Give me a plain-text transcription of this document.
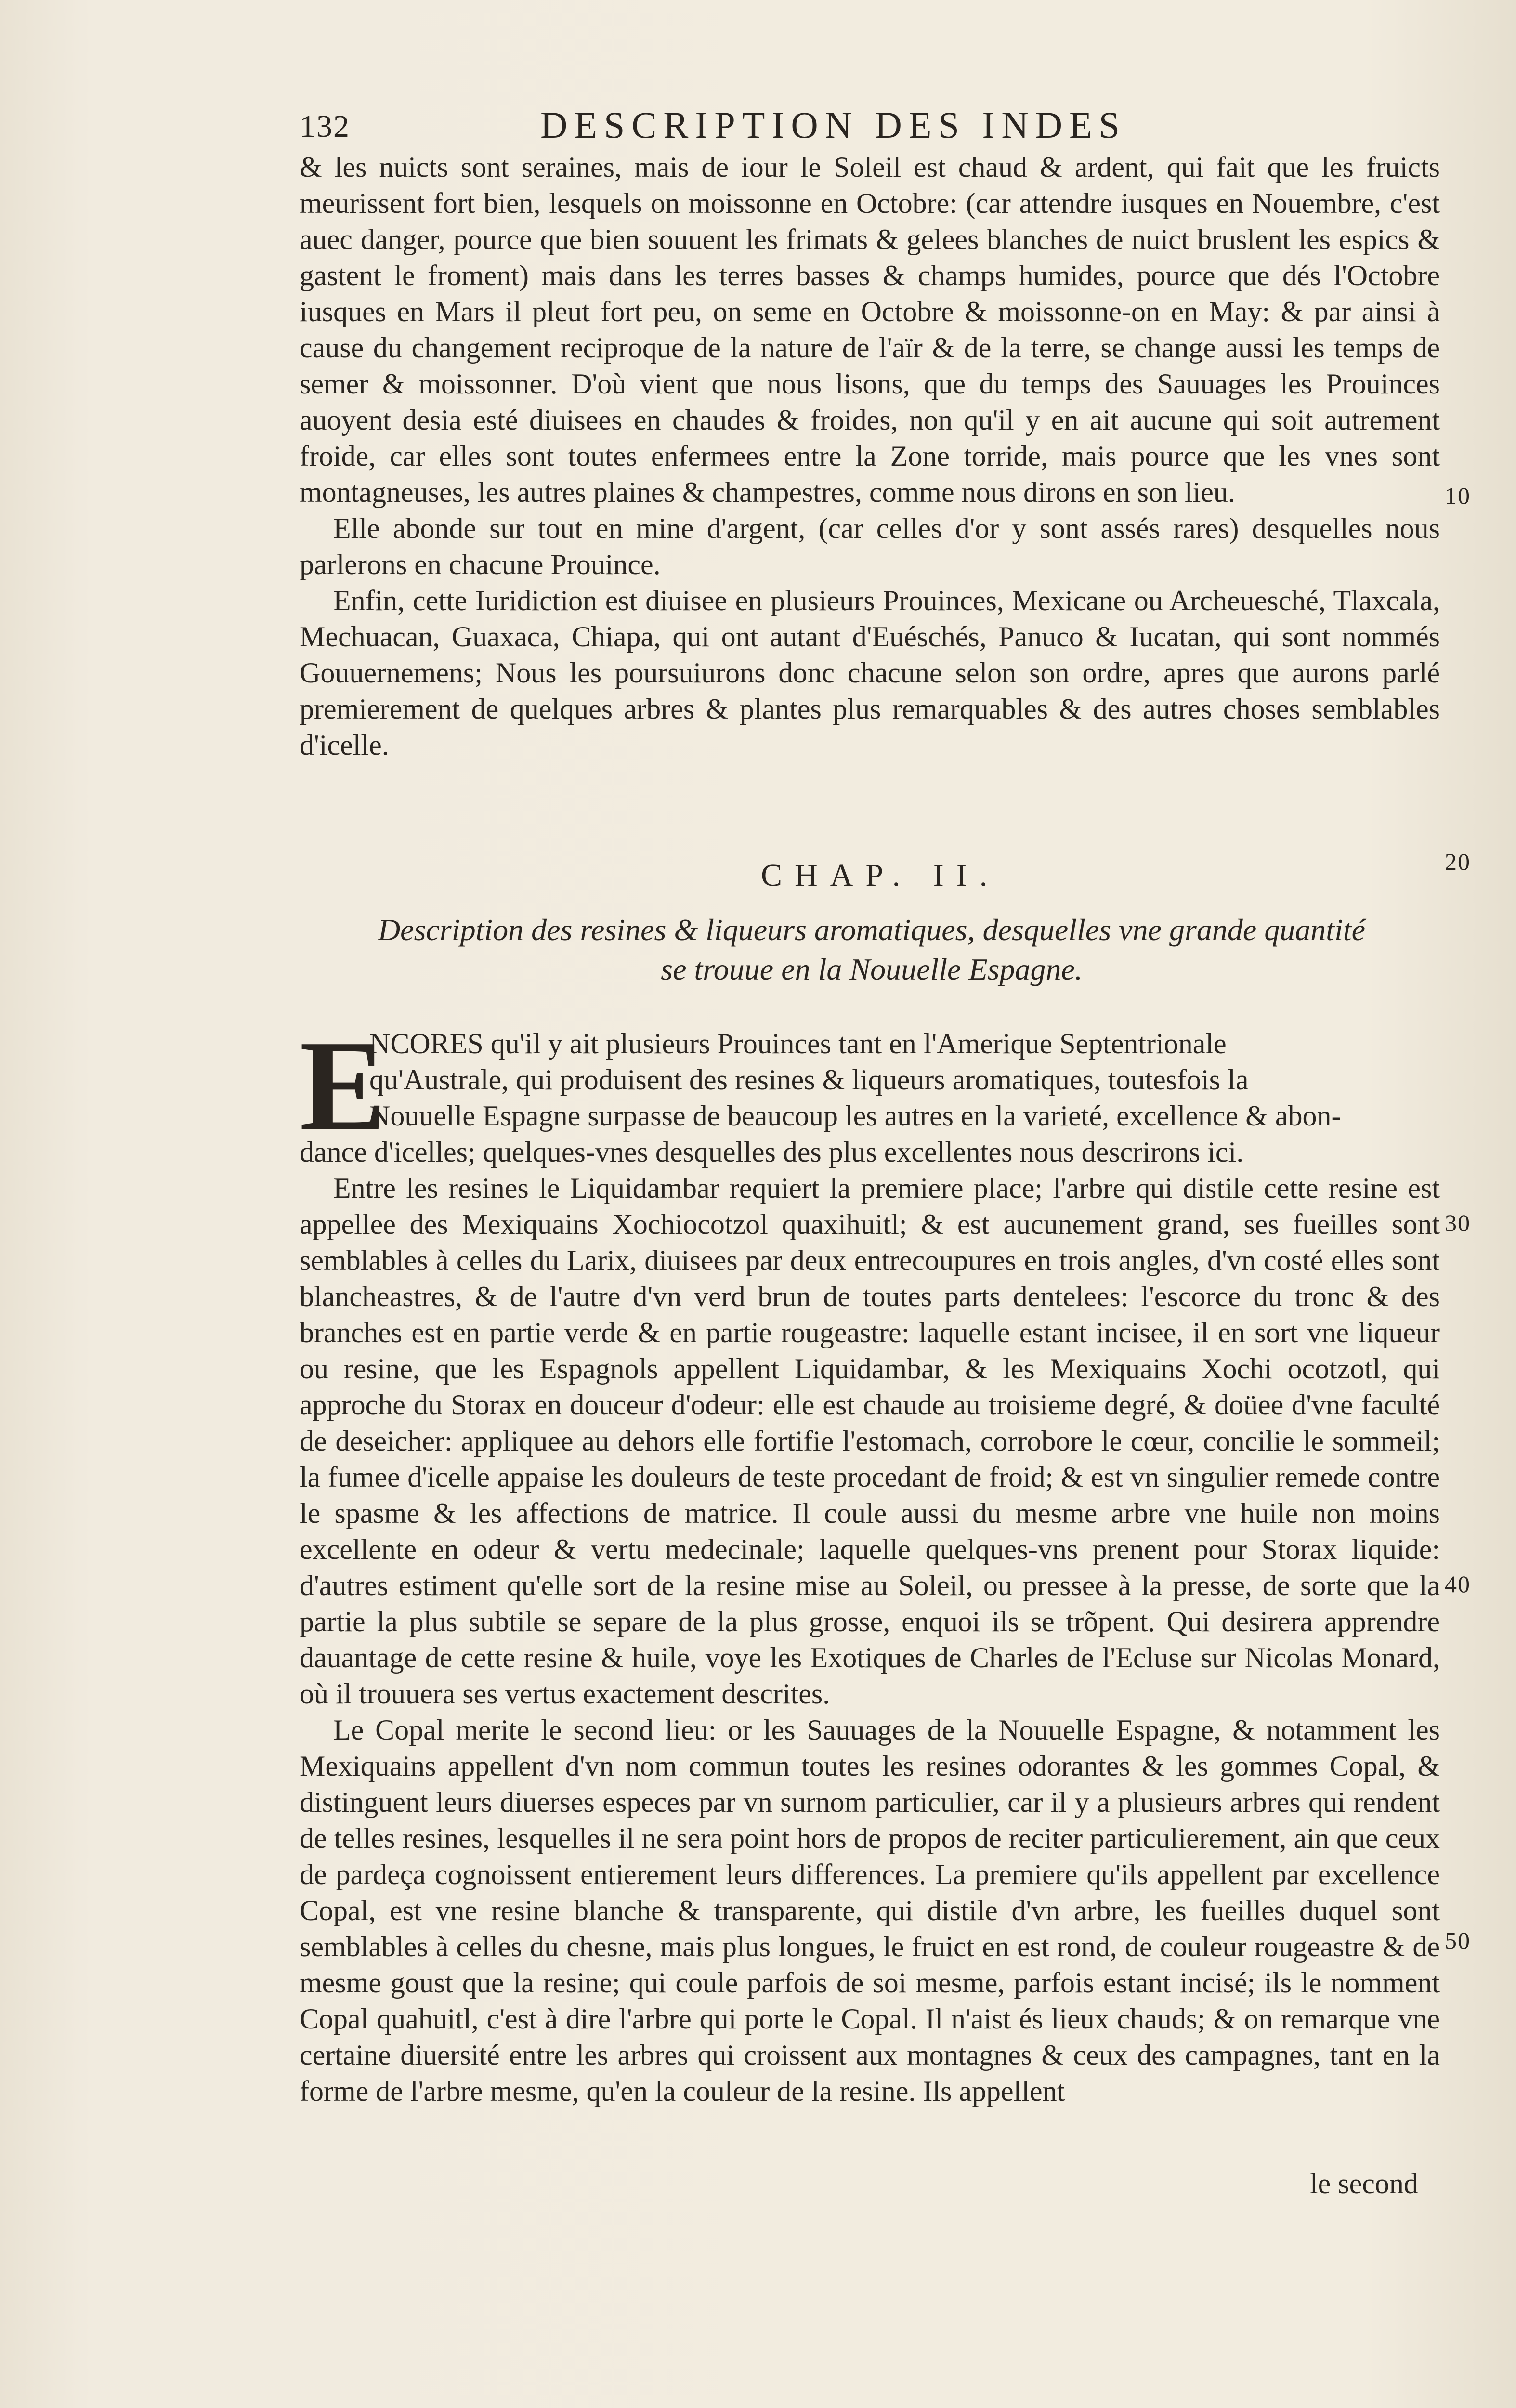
132	DESCRIPTION DES INDES

& les nuicts sont seraines, mais de iour le Soleil est chaud & ardent, qui fait que les fruicts meurissent fort bien, lesquels on moissonne en Octobre: (car attendre iusques en Nouembre, c'est auec danger, pource que bien souuent les frimats & gelees blanches de nuict bruslent les espics & gastent le froment) mais dans les terres basses & champs humides, pource que dés l'Octobre iusques en Mars il pleut fort peu, on seme en Octobre & moissonne-on en May: & par ainsi à cause du changement reciproque de la nature de l'aïr & de la terre, se change aussi les temps de semer & moissonner. D'où vient que nous lisons, que du temps des Sauuages les Prouinces auoyent desia esté diuisees en chaudes & froides, non qu'il y en ait aucune qui soit autrement froide, car elles sont toutes enfermees entre la Zone torride, mais pource que les vnes sont montagneuses, les autres plaines & champestres, comme nous dirons en son lieu.

Elle abonde sur tout en mine d'argent, (car celles d'or y sont assés rares) desquelles nous parlerons en chacune Prouince.

Enfin, cette Iuridiction est diuisee en plusieurs Prouinces, Mexicane ou Archeuesché, Tlaxcala, Mechuacan, Guaxaca, Chiapa, qui ont autant d'Euéschés, Panuco & Iucatan, qui sont nommés Gouuernemens; Nous les poursuiurons donc chacune selon son ordre, apres que aurons parlé premierement de quelques arbres & plantes plus remarquables & des autres choses semblables d'icelle.

10
20
30
40
50
CHAP. II.
Description des resines & liqueurs aromatiques, desquelles vne grande quantité se trouue en la Nouuelle Espagne.
E
NCORES qu'il y ait plusieurs Prouinces tant en l'Amerique Septentrionale
qu'Australe, qui produisent des resines & liqueurs aromatiques, toutesfois la
Nouuelle Espagne surpasse de beaucoup les autres en la varieté, excellence & abon-

dance d'icelles; quelques-vnes desquelles des plus excellentes nous descrirons ici.

Entre les resines le Liquidambar requiert la premiere place; l'arbre qui distile cette resine est appellee des Mexiquains Xochiocotzol quaxihuitl; & est aucunement grand, ses fueilles sont semblables à celles du Larix, diuisees par deux entrecoupures en trois angles, d'vn costé elles sont blancheastres, & de l'autre d'vn verd brun de toutes parts dentelees: l'escorce du tronc & des branches est en partie verde & en partie rougeastre: laquelle estant incisee, il en sort vne liqueur ou resine, que les Espagnols appellent Liquidambar, & les Mexiquains Xochi ocotzotl, qui approche du Storax en douceur d'odeur: elle est chaude au troisieme degré, & doüee d'vne faculté de deseicher: appliquee au dehors elle fortifie l'estomach, corrobore le cœur, concilie le sommeil; la fumee d'icelle appaise les douleurs de teste procedant de froid; & est vn singulier remede contre le spasme & les affections de matrice. Il coule aussi du mesme arbre vne huile non moins excellente en odeur & vertu medecinale; laquelle quelques-vns prenent pour Storax liquide: d'autres estiment qu'elle sort de la resine mise au Soleil, ou pressee à la presse, de sorte que la partie la plus subtile se separe de la plus grosse, enquoi ils se trõpent. Qui desirera apprendre dauantage de cette resine & huile, voye les Exotiques de Charles de l'Ecluse sur Nicolas Monard, où il trouuera ses vertus exactement descrites.

Le Copal merite le second lieu: or les Sauuages de la Nouuelle Espagne, & notamment les Mexiquains appellent d'vn nom commun toutes les resines odorantes & les gommes Copal, & distinguent leurs diuerses especes par vn surnom particulier, car il y a plusieurs arbres qui rendent de telles resines, lesquelles il ne sera point hors de propos de reciter particulierement, ain que ceux de pardeça cognoissent entierement leurs differences. La premiere qu'ils appellent par excellence Copal, est vne resine blanche & transparente, qui distile d'vn arbre, les fueilles duquel sont semblables à celles du chesne, mais plus longues, le fruict en est rond, de couleur rougeastre & de mesme goust que la resine; qui coule parfois de soi mesme, parfois estant incisé; ils le nomment Copal quahuitl, c'est à dire l'arbre qui porte le Copal. Il n'aist és lieux chauds; & on remarque vne certaine diuersité entre les arbres qui croissent aux montagnes & ceux des campagnes, tant en la forme de l'arbre mesme, qu'en la couleur de la resine. Ils appellent

le second
